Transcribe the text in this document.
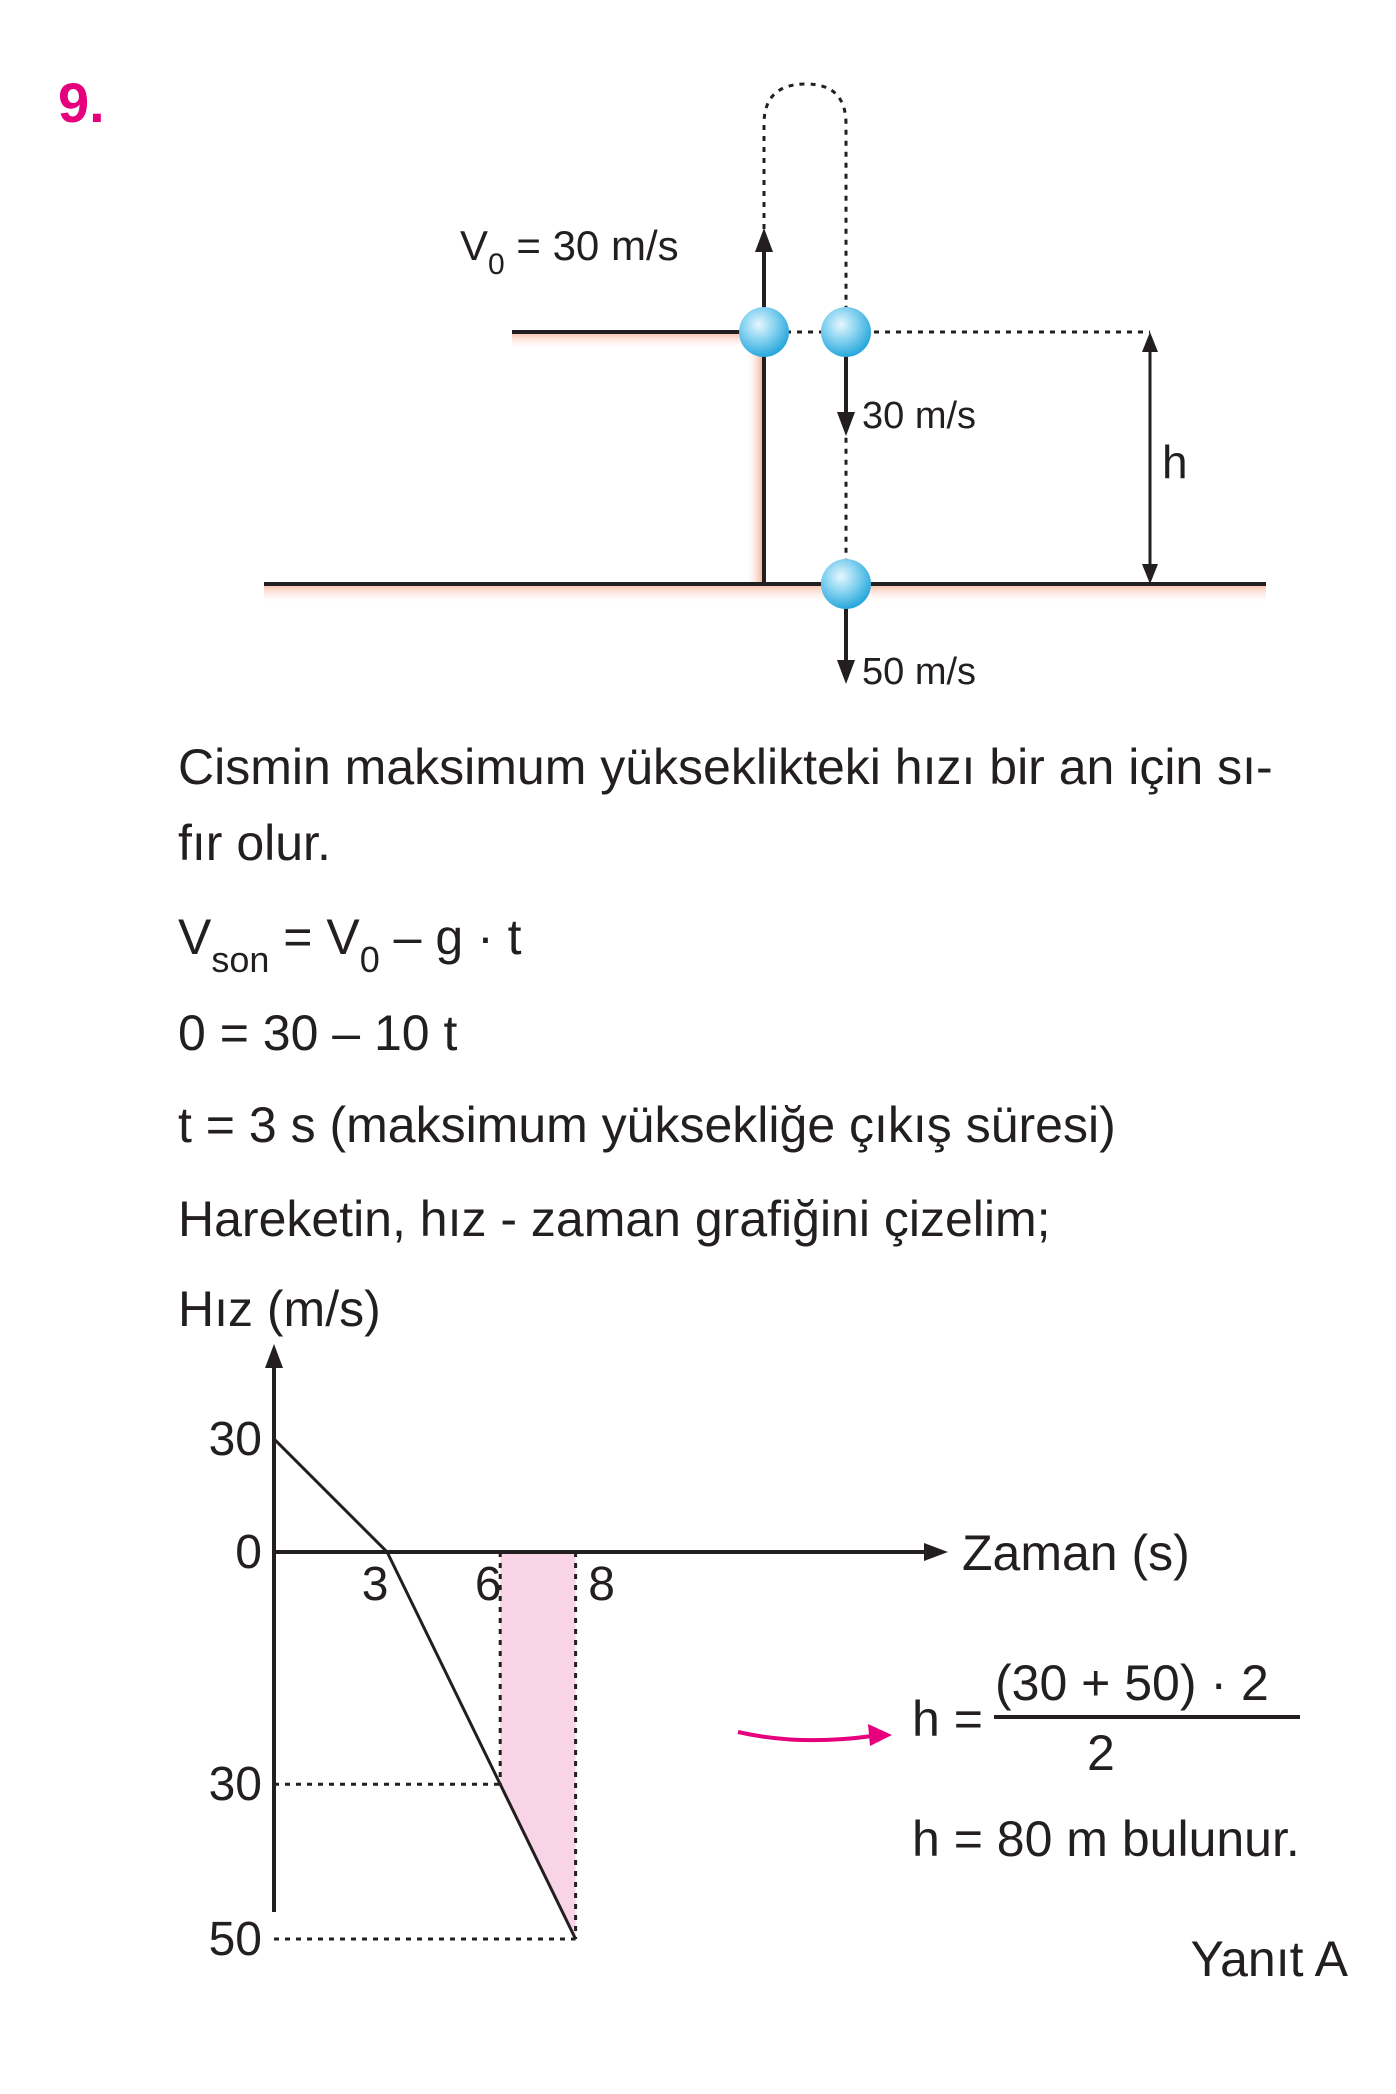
9.
$V_0 = 30$ m/s
30 m/s
50 m/s
h
Cismin maksimum yükseklikteki hızı bir an için sı-
fır olur.
$V_{son} = V_0 - g \cdot t$
0 = 30 – 10 t
t = 3 s (maksimum yüksekliğe çıkış süresi)
Hareketin, hız - zaman grafiğini çizelim;
Hız (m/s)
Zaman (s)
30
0
30
50
3 6 8
h =
(30 + 50) · 2
2
h = 80 m bulunur.
Yanıt A
